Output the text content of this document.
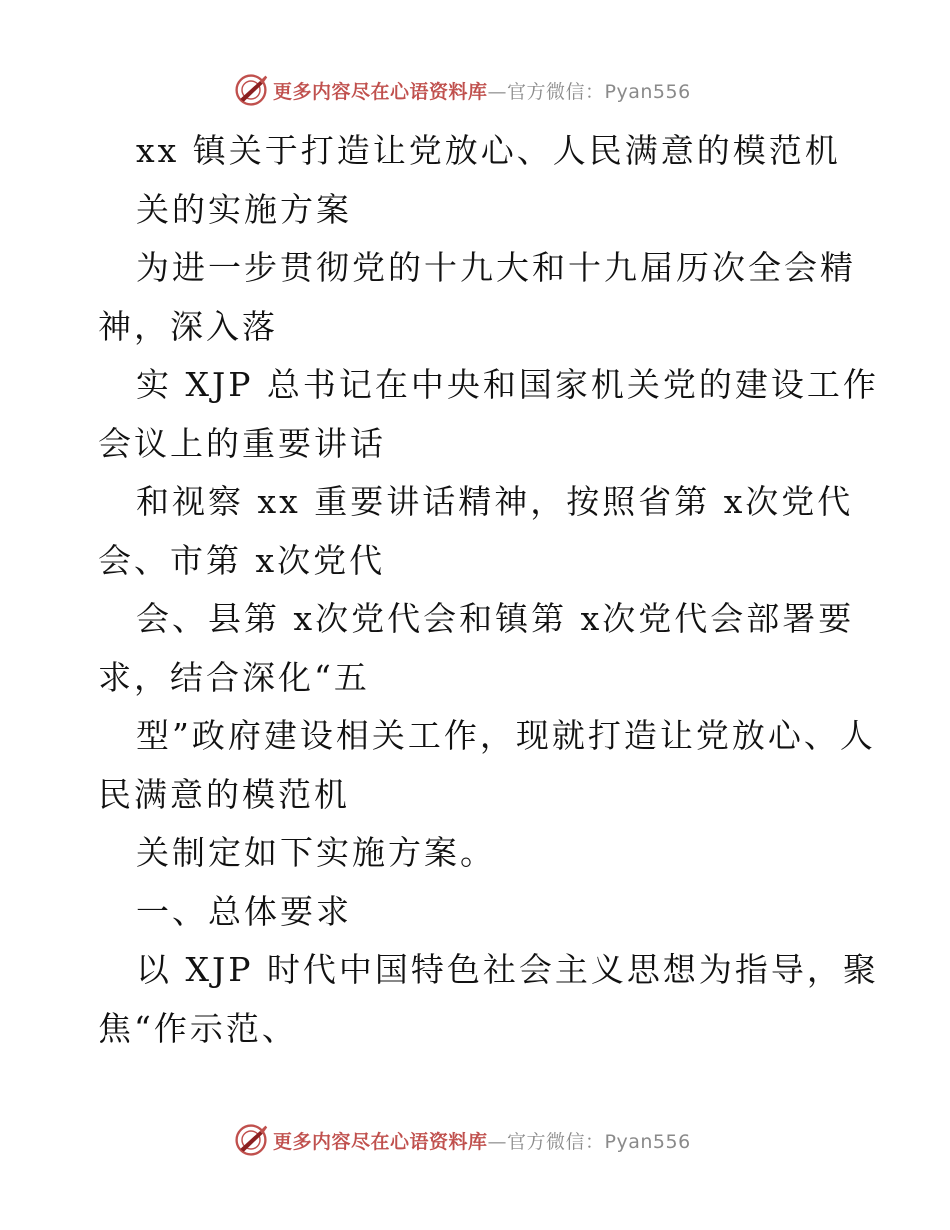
更多内容尽在心语资料库—官方微信：Pyan556
xx 镇关于打造让党放心、人民满意的模范机
关的实施方案
为进一步贯彻党的十九大和十九届历次全会精
神，深入落
实 XJP 总书记在中央和国家机关党的建设工作
会议上的重要讲话
和视察 xx 重要讲话精神，按照省第 x次党代
会、市第 x次党代
会、县第 x次党代会和镇第 x次党代会部署要
求，结合深化“五
型”政府建设相关工作，现就打造让党放心、人
民满意的模范机
关制定如下实施方案。
一、总体要求
以 XJP 时代中国特色社会主义思想为指导，聚
焦“作示范、
更多内容尽在心语资料库—官方微信：Pyan556
